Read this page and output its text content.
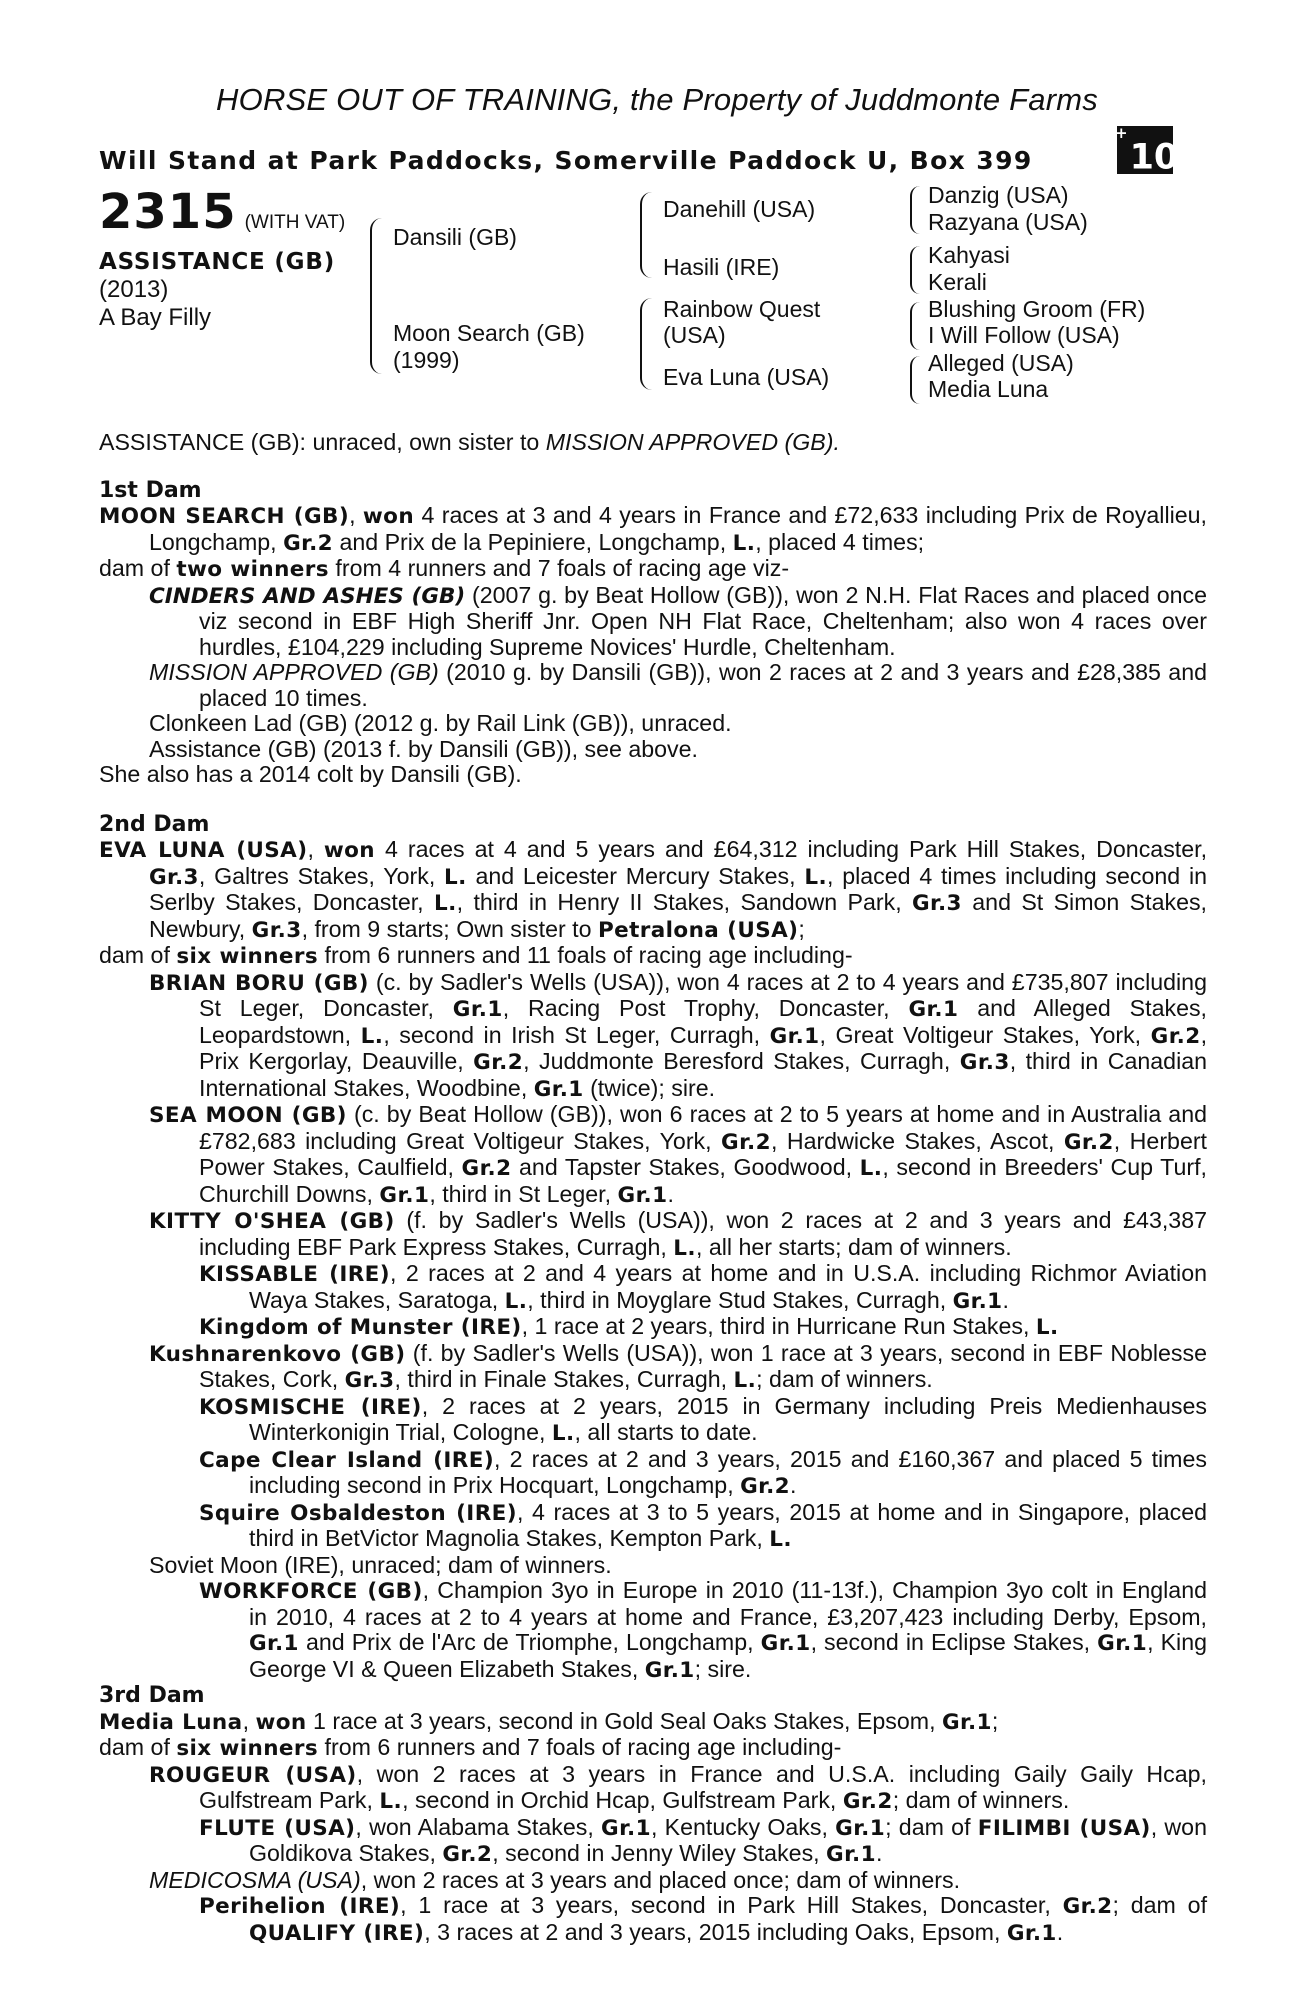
HORSE OUT OF TRAINING, the Property of Juddmonte Farms
Will Stand at Park Paddocks, Somerville Paddock U, Box 399
+10
2315 (WITH VAT)
ASSISTANCE (GB)
(2013)
A Bay Filly
Dansili (GB)
Moon Search (GB)
(1999)
Danehill (USA)
Hasili (IRE)
Rainbow Quest
(USA)
Eva Luna (USA)
Danzig (USA)
Razyana (USA)
Kahyasi
Kerali
Blushing Groom (FR)
I Will Follow (USA)
Alleged (USA)
Media Luna

ASSISTANCE (GB): unraced, own sister to MISSION APPROVED (GB).

1st Dam

MOON SEARCH (GB), won 4 races at 3 and 4 years in France and £72,633 including Prix de Royallieu, Longchamp, Gr.2 and Prix de la Pepiniere, Longchamp, L., placed 4 times;

dam of two winners from 4 runners and 7 foals of racing age viz-

CINDERS AND ASHES (GB) (2007 g. by Beat Hollow (GB)), won 2 N.H. Flat Races and placed once viz second in EBF High Sheriff Jnr. Open NH Flat Race, Cheltenham; also won 4 races over hurdles, £104,229 including Supreme Novices' Hurdle, Cheltenham.

MISSION APPROVED (GB) (2010 g. by Dansili (GB)), won 2 races at 2 and 3 years and £28,385 and placed 10 times.

Clonkeen Lad (GB) (2012 g. by Rail Link (GB)), unraced.

Assistance (GB) (2013 f. by Dansili (GB)), see above.

She also has a 2014 colt by Dansili (GB).

2nd Dam

EVA LUNA (USA), won 4 races at 4 and 5 years and £64,312 including Park Hill Stakes, Doncaster, Gr.3, Galtres Stakes, York, L. and Leicester Mercury Stakes, L., placed 4 times including second in Serlby Stakes, Doncaster, L., third in Henry II Stakes, Sandown Park, Gr.3 and St Simon Stakes, Newbury, Gr.3, from 9 starts; Own sister to Petralona (USA);

dam of six winners from 6 runners and 11 foals of racing age including-

BRIAN BORU (GB) (c. by Sadler's Wells (USA)), won 4 races at 2 to 4 years and £735,807 including St Leger, Doncaster, Gr.1, Racing Post Trophy, Doncaster, Gr.1 and Alleged Stakes, Leopardstown, L., second in Irish St Leger, Curragh, Gr.1, Great Voltigeur Stakes, York, Gr.2, Prix Kergorlay, Deauville, Gr.2, Juddmonte Beresford Stakes, Curragh, Gr.3, third in Canadian International Stakes, Woodbine, Gr.1 (twice); sire.

SEA MOON (GB) (c. by Beat Hollow (GB)), won 6 races at 2 to 5 years at home and in Australia and £782,683 including Great Voltigeur Stakes, York, Gr.2, Hardwicke Stakes, Ascot, Gr.2, Herbert Power Stakes, Caulfield, Gr.2 and Tapster Stakes, Goodwood, L., second in Breeders' Cup Turf, Churchill Downs, Gr.1, third in St Leger, Gr.1.

KITTY O'SHEA (GB) (f. by Sadler's Wells (USA)), won 2 races at 2 and 3 years and £43,387 including EBF Park Express Stakes, Curragh, L., all her starts; dam of winners.

KISSABLE (IRE), 2 races at 2 and 4 years at home and in U.S.A. including Richmor Aviation Waya Stakes, Saratoga, L., third in Moyglare Stud Stakes, Curragh, Gr.1.

Kingdom of Munster (IRE), 1 race at 2 years, third in Hurricane Run Stakes, L.

Kushnarenkovo (GB) (f. by Sadler's Wells (USA)), won 1 race at 3 years, second in EBF Noblesse Stakes, Cork, Gr.3, third in Finale Stakes, Curragh, L.; dam of winners.

KOSMISCHE (IRE), 2 races at 2 years, 2015 in Germany including Preis Medienhauses Winterkonigin Trial, Cologne, L., all starts to date.

Cape Clear Island (IRE), 2 races at 2 and 3 years, 2015 and £160,367 and placed 5 times including second in Prix Hocquart, Longchamp, Gr.2.

Squire Osbaldeston (IRE), 4 races at 3 to 5 years, 2015 at home and in Singapore, placed third in BetVictor Magnolia Stakes, Kempton Park, L.

Soviet Moon (IRE), unraced; dam of winners.

WORKFORCE (GB), Champion 3yo in Europe in 2010 (11-13f.), Champion 3yo colt in England in 2010, 4 races at 2 to 4 years at home and France, £3,207,423 including Derby, Epsom, Gr.1 and Prix de l'Arc de Triomphe, Longchamp, Gr.1, second in Eclipse Stakes, Gr.1, King George VI & Queen Elizabeth Stakes, Gr.1; sire.

3rd Dam

Media Luna, won 1 race at 3 years, second in Gold Seal Oaks Stakes, Epsom, Gr.1;

dam of six winners from 6 runners and 7 foals of racing age including-

ROUGEUR (USA), won 2 races at 3 years in France and U.S.A. including Gaily Gaily Hcap, Gulfstream Park, L., second in Orchid Hcap, Gulfstream Park, Gr.2; dam of winners.

FLUTE (USA), won Alabama Stakes, Gr.1, Kentucky Oaks, Gr.1; dam of FILIMBI (USA), won Goldikova Stakes, Gr.2, second in Jenny Wiley Stakes, Gr.1.

MEDICOSMA (USA), won 2 races at 3 years and placed once; dam of winners.

Perihelion (IRE), 1 race at 3 years, second in Park Hill Stakes, Doncaster, Gr.2; dam of QUALIFY (IRE), 3 races at 2 and 3 years, 2015 including Oaks, Epsom, Gr.1.
